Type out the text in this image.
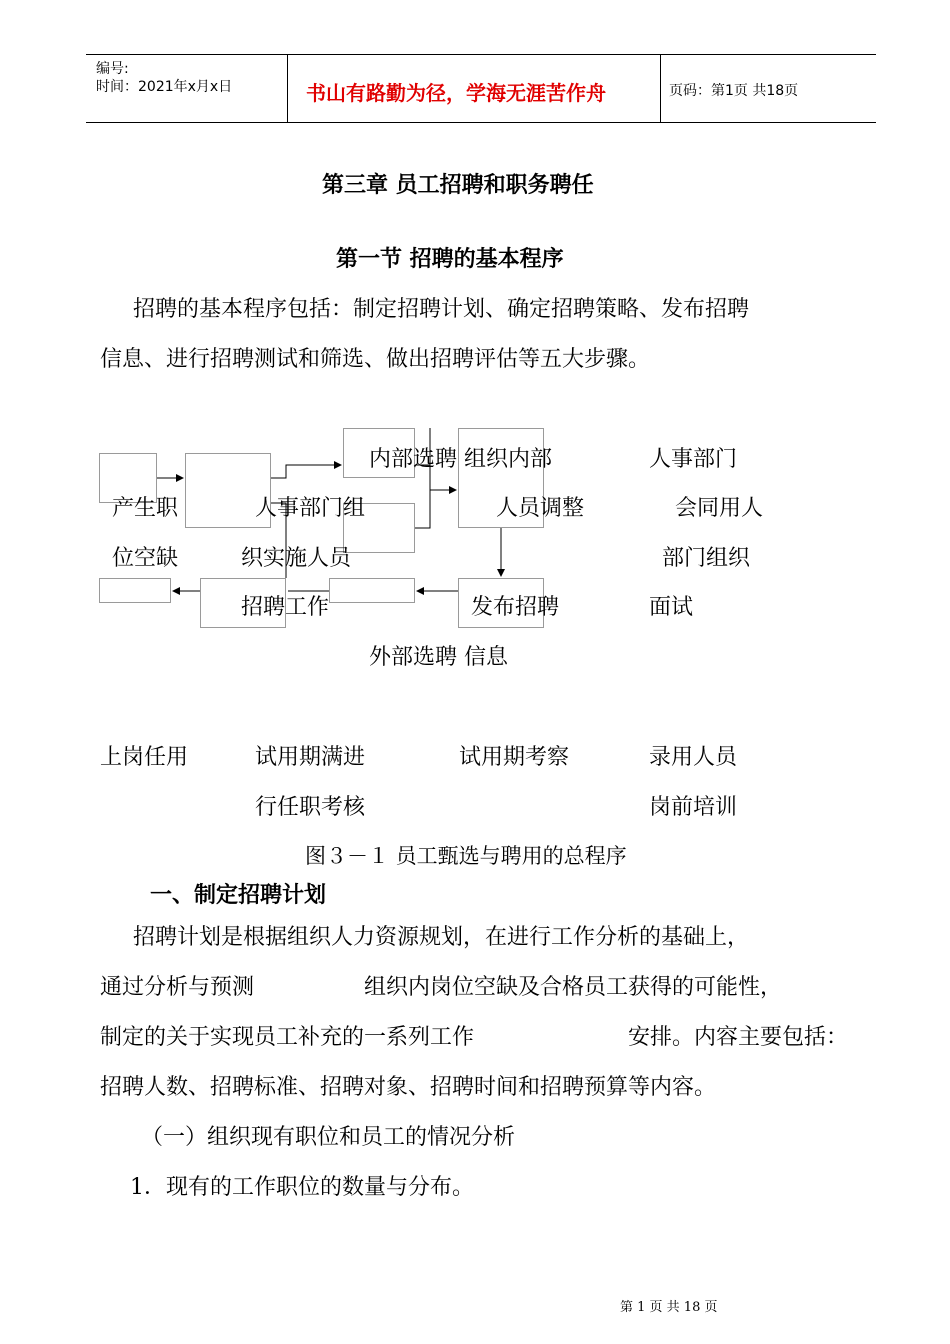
编号:
时间：2021年x月x日	书山有路勤为径，学海无涯苦作舟	页码：第1页 共18页
第三章 员工招聘和职务聘任
第一节 招聘的基本程序
招聘的基本程序包括：制定招聘计划、确定招聘策略、发布招聘
信息、进行招聘测试和筛选、做出招聘评估等五大步骤。
内部选聘 组织内部	人事部门
产生职	人事部门组	人员调整	会同用人
位空缺	织实施人员	部门组织
招聘工作	发布招聘	面试
外部选聘 信息
上岗任用	试用期满进	试用期考察	录用人员
行任职考核	岗前培训
图３－１ 员工甄选与聘用的总程序
一、制定招聘计划
招聘计划是根据组织人力资源规划，在进行工作分析的基础上，
通过分析与预测	组织内岗位空缺及合格员工获得的可能性，
制定的关于实现员工补充的一系列工作	安排。内容主要包括：
招聘人数、招聘标准、招聘对象、招聘时间和招聘预算等内容。
（一）组织现有职位和员工的情况分析
1．现有的工作职位的数量与分布。
第 1 页 共 18 页
